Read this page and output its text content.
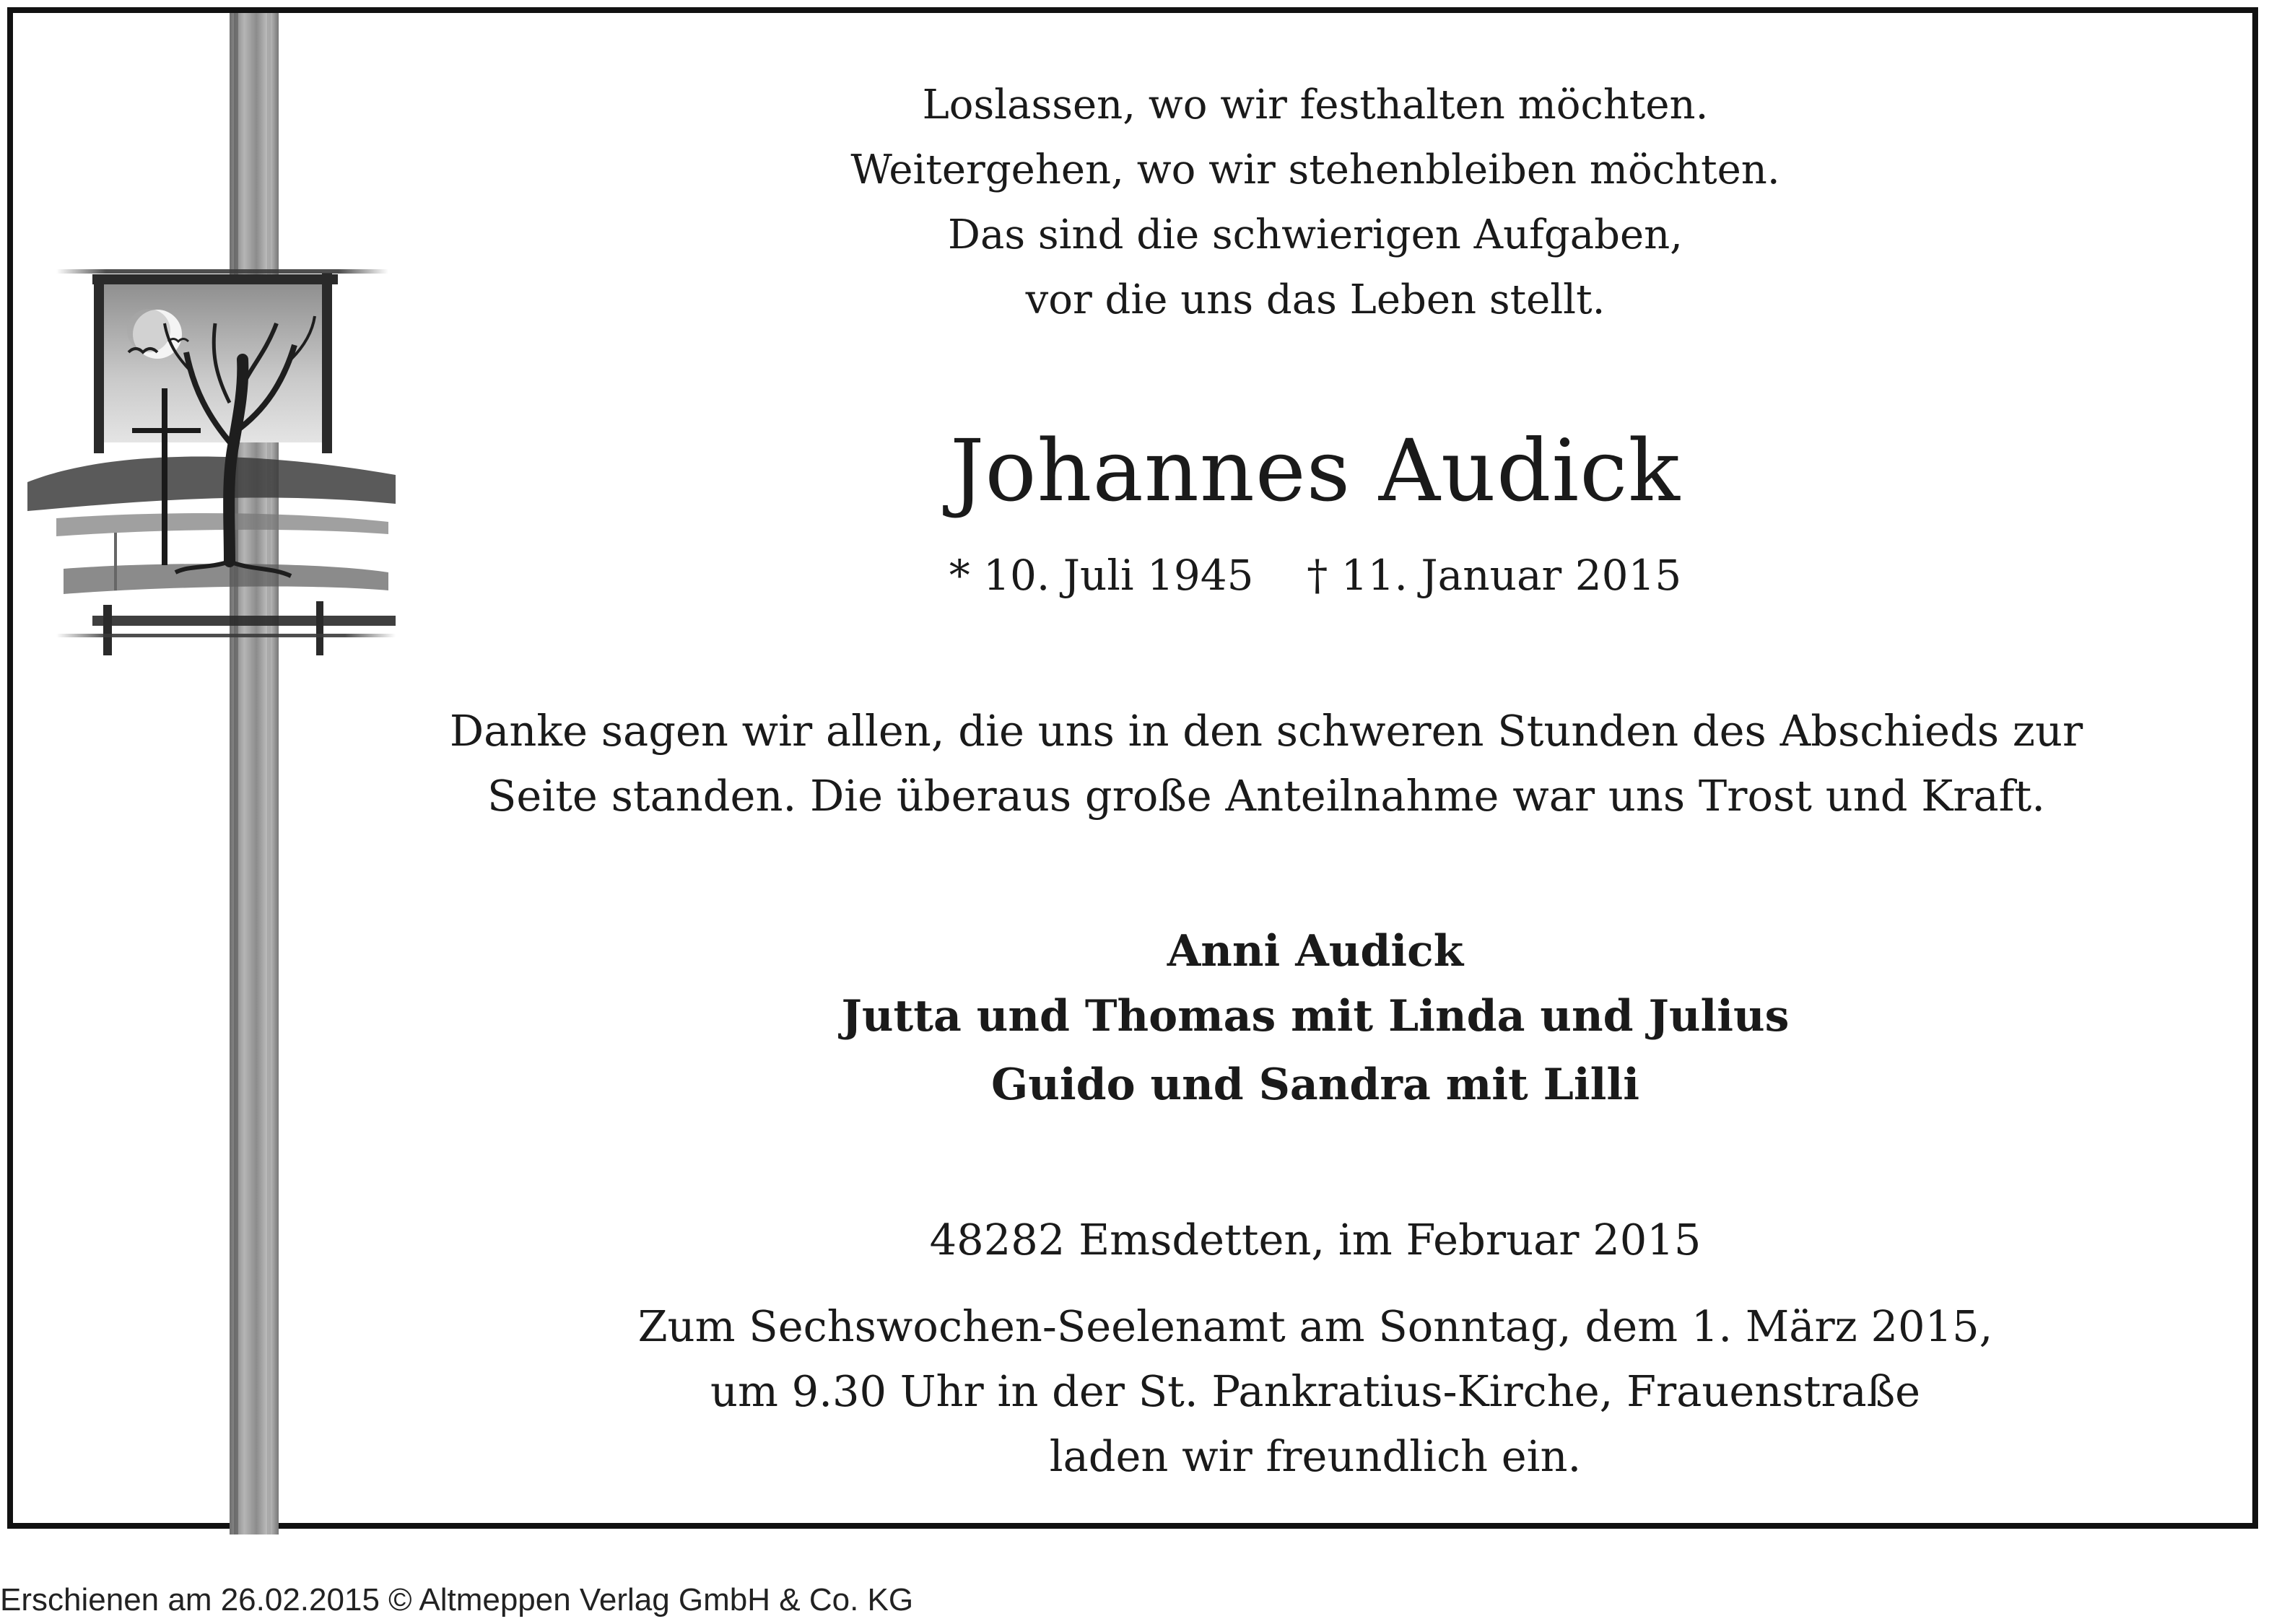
Loslassen, wo wir festhalten möchten.
Weitergehen, wo wir stehenbleiben möchten.
Das sind die schwierigen Aufgaben,
vor die uns das Leben stellt.
Johannes Audick
* 10. Juli 1945    † 11. Januar 2015
Danke sagen wir allen, die uns in den schweren Stunden des Abschieds zur
Seite standen. Die überaus große Anteilnahme war uns Trost und Kraft.
Anni Audick
Jutta und Thomas mit Linda und Julius
Guido und Sandra mit Lilli
48282 Emsdetten, im Februar 2015
Zum Sechswochen-Seelenamt am Sonntag, dem 1. März 2015,
um 9.30 Uhr in der St. Pankratius-Kirche, Frauenstraße
laden wir freundlich ein.
Erschienen am 26.02.2015 © Altmeppen Verlag GmbH & Co. KG
